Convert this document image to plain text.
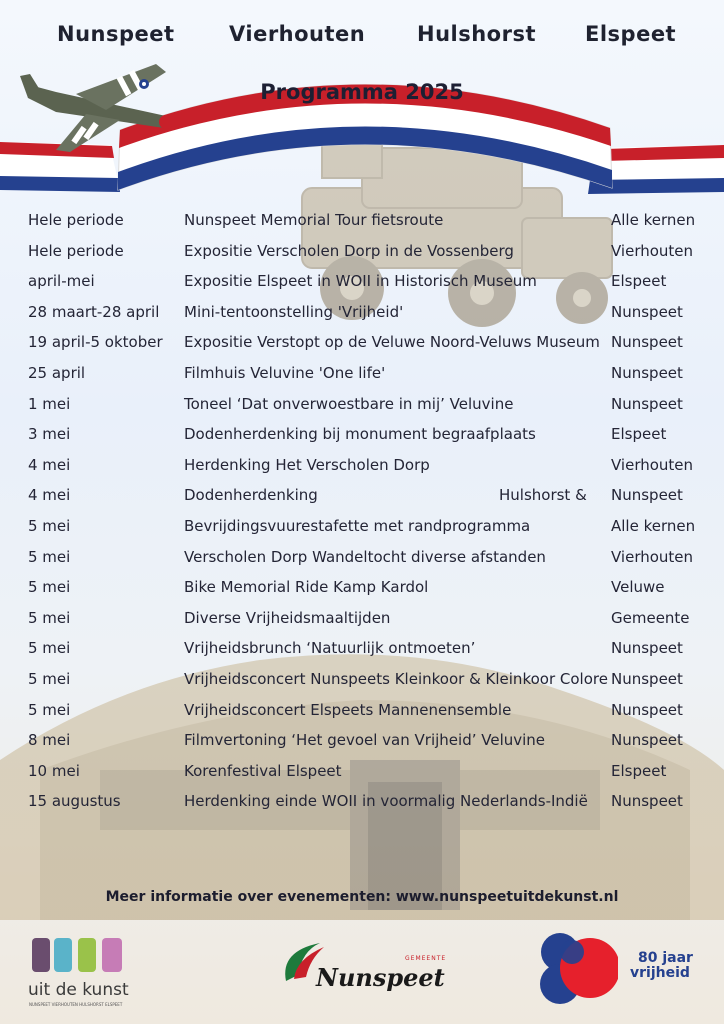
Nunspeet	Vierhouten Hulshorst Elspeet
Programma 2025
Hele periode	Nunspeet Memorial Tour fietsroute	Alle kernen
Hele periode	Expositie Verscholen Dorp in de Vossenberg	Vierhouten
april-mei	Expositie Elspeet in WOII in Historisch Museum	Elspeet
28 maart-28 april Mini-tentoonstelling 'Vrijheid'	Nunspeet
19 april-5 oktober Expositie Verstopt op de Veluwe Noord-Veluws Museum Nunspeet
25 april	Filmhuis Veluvine 'One life'	Nunspeet
1 mei	Toneel ‘Dat onverwoestbare in mij’ Veluvine	Nunspeet
3 mei	Dodenherdenking bij monument begraafplaats	Elspeet
4 mei	Herdenking Het Verscholen Dorp	Vierhouten
4 mei	Dodenherdenking	Hulshorst & Nunspeet
5 mei	Bevrijdingsvuurestafette met randprogramma	Alle kernen
5 mei	Verscholen Dorp Wandeltocht diverse afstanden	Vierhouten
5 mei	Bike Memorial Ride Kamp Kardol	Veluwe
5 mei	Diverse Vrijheidsmaaltijden	Gemeente
5 mei	Vrijheidsbrunch ‘Natuurlijk ontmoeten’	Nunspeet
5 mei	Vrijheidsconcert Nunspeets Kleinkoor & Kleinkoor Colore Nunspeet
5 mei	Vrijheidsconcert Elspeets Mannenensemble	Nunspeet
8 mei	Filmvertoning ‘Het gevoel van Vrijheid’ Veluvine	Nunspeet
10 mei	Korenfestival Elspeet	Elspeet
15 augustus	Herdenking einde WOII in voormalig Nederlands-Indië Nunspeet
Meer informatie over evenementen: www.nunspeetuitdekunst.nl
uit de kunst
NUNSPEET VIERHOUTEN HULSHORST ELSPEET
GEMEENTE
Nunspeet
80 jaar
vrijheid
